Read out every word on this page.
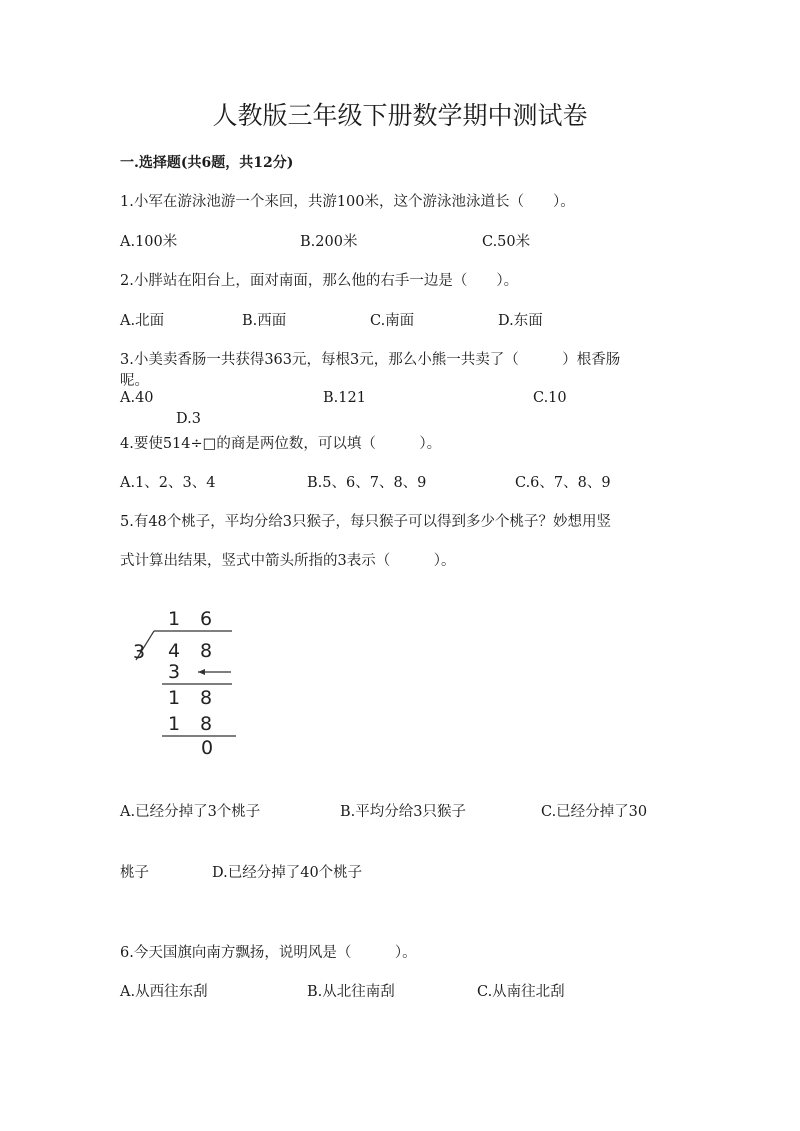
人教版三年级下册数学期中测试卷
一.选择题(共6题，共12分)
1.小军在游泳池游一个来回，共游100米，这个游泳池泳道长（　　）。
A.100米	B.200米	C.50米
2.小胖站在阳台上，面对南面，那么他的右手一边是（　　）。
A.北面	B.西面	C.南面	D.东面
3.小美卖香肠一共获得363元，每根3元，那么小熊一共卖了（　　　）根香肠
呢。
A.40	B.121	C.10
D.3
4.要使514÷□的商是两位数，可以填（　　　）。
A.1、2、3、4	B.5、6、7、8、9	C.6、7、8、9
5.有48个桃子，平均分给3只猴子，每只猴子可以得到多少个桃子？妙想用竖
式计算出结果，竖式中箭头所指的3表示（　　　）。
1 6
3 4 8
3
1 8
1 8
0
A.已经分掉了3个桃子	B.平均分给3只猴子	C.已经分掉了30
桃子	D.已经分掉了40个桃子
6.今天国旗向南方飘扬，说明风是（　　　）。
A.从西往东刮	B.从北往南刮	C.从南往北刮
